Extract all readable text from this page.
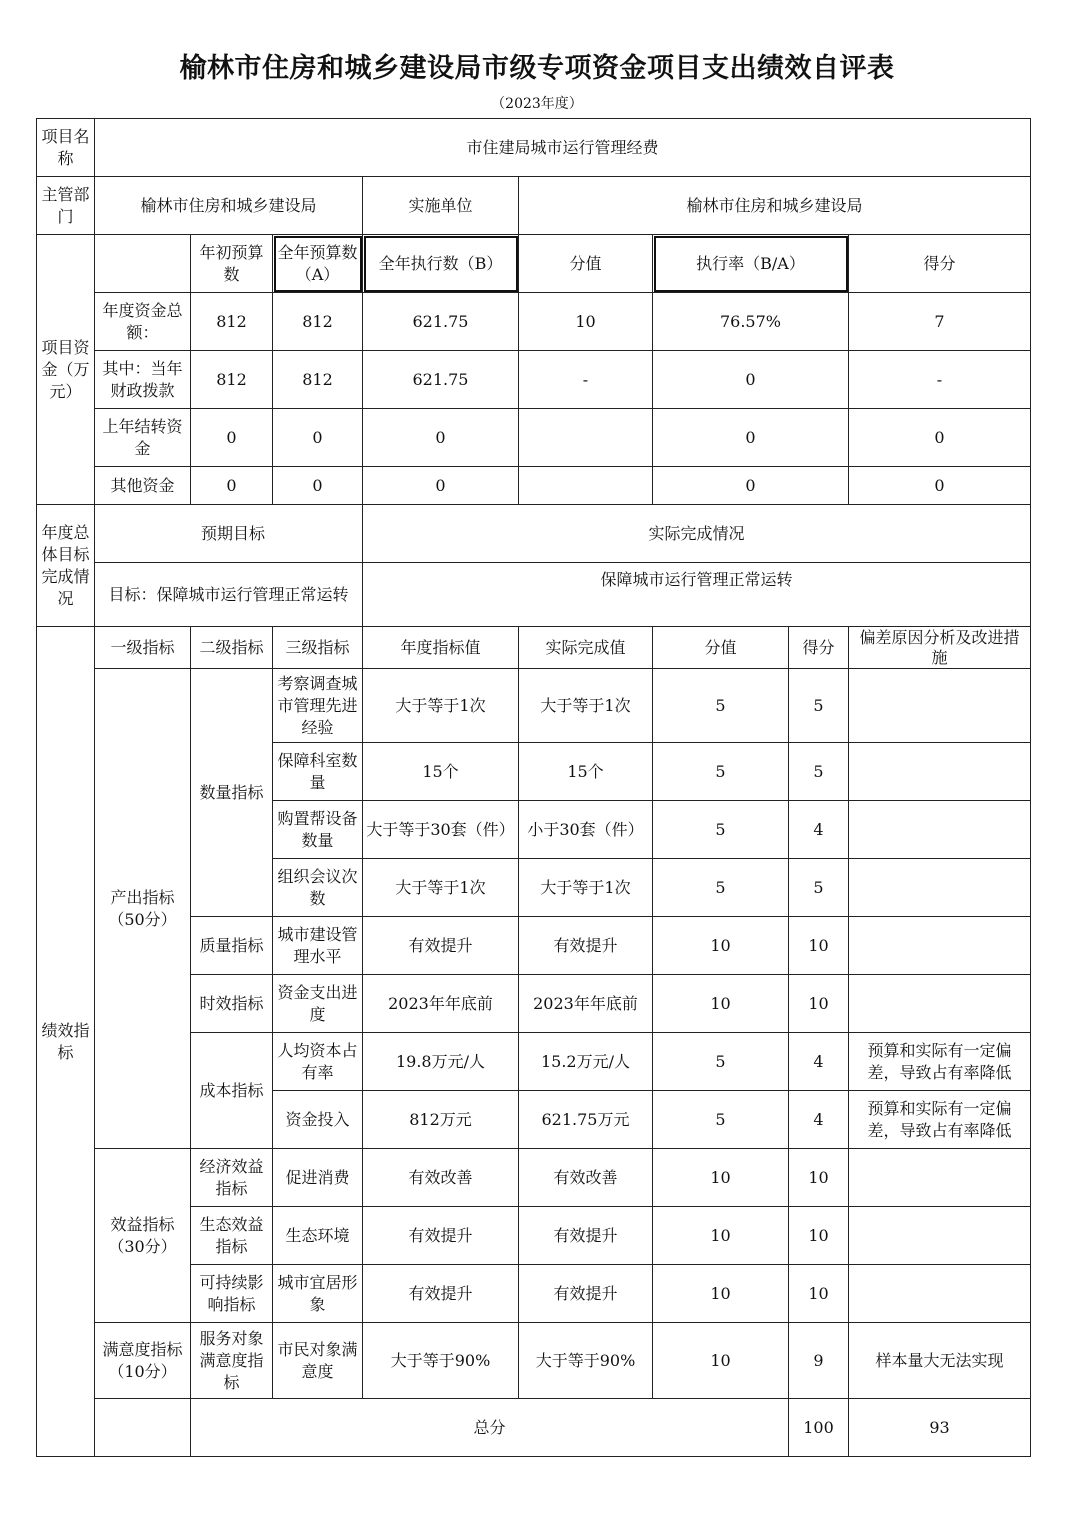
榆林市住房和城乡建设局市级专项资金项目支出绩效自评表
（2023年度）
项目名称	市住建局城市运行管理经费								
主管部门	榆林市住房和城乡建设局			实施单位	榆林市住房和城乡建设局				
项目资金（万元）		年初预算数	全年预算数（A）	全年执行数（B）	分值	执行率（B/A）		得分	
	年度资金总额：	812	812	621.75	10	76.57%		7	
	其中：当年财政拨款	812	812	621.75	-	0		-	
	上年结转资金	0	0	0		0		0	
	其他资金	0	0	0		0		0	
年度总体目标完成情况	预期目标			实际完成情况					
	目标：保障城市运行管理正常运转			保障城市运行管理正常运转					
绩效指标	一级指标	二级指标	三级指标	年度指标值	实际完成值	分值	得分	偏差原因分析及改进措施	
	产出指标（50分）	数量指标	考察调查城市管理先进经验	大于等于1次	大于等于1次	5	5		
			保障科室数量	15个	15个	5	5		
			购置帮设备数量	大于等于30套（件）	小于30套（件）	5	4		
			组织会议次数	大于等于1次	大于等于1次	5	5		
		质量指标	城市建设管理水平	有效提升	有效提升	10	10		
		时效指标	资金支出进度	2023年年底前	2023年年底前	10	10		
		成本指标	人均资本占有率	19.8万元/人	15.2万元/人	5	4	预算和实际有一定偏差，导致占有率降低	
			资金投入	812万元	621.75万元	5	4	预算和实际有一定偏差，导致占有率降低	
	效益指标（30分）	经济效益指标	促进消费	有效改善	有效改善	10	10		
		生态效益指标	生态环境	有效提升	有效提升	10	10		
		可持续影响指标	城市宜居形象	有效提升	有效提升	10	10		
	满意度指标（10分）	服务对象满意度指标	市民对象满意度	大于等于90%	大于等于90%	10	9	样本量大无法实现	
		总分					100	93	
